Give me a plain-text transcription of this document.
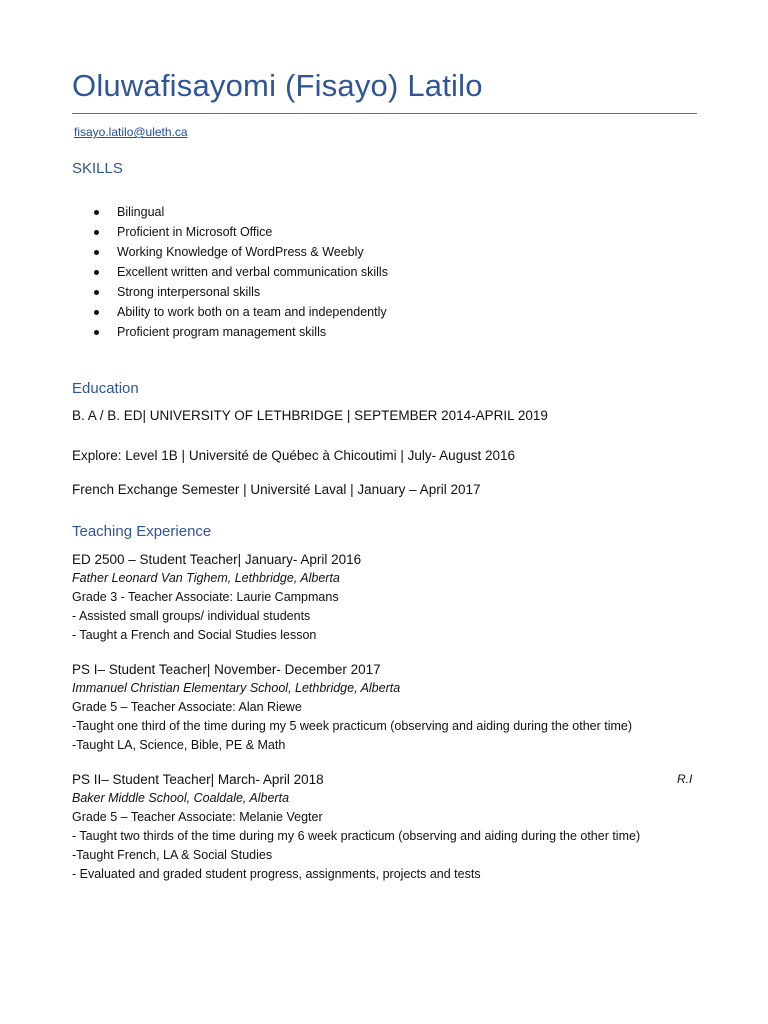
Oluwafisayomi (Fisayo) Latilo
fisayo.latilo@uleth.ca
SKILLS
Bilingual
Proficient in Microsoft Office
Working Knowledge of WordPress & Weebly
Excellent written and verbal communication skills
Strong interpersonal skills
Ability to work both on a team and independently
Proficient program management skills
Education
B. A / B. ED| UNIVERSITY OF LETHBRIDGE | SEPTEMBER 2014-APRIL 2019
Explore: Level 1B | Université de Québec à Chicoutimi | July- August 2016
French Exchange Semester | Université Laval | January – April 2017
Teaching Experience
ED 2500 – Student Teacher| January- April 2016
Father Leonard Van Tighem, Lethbridge, Alberta
Grade 3 - Teacher Associate: Laurie Campmans
- Assisted small groups/ individual students
- Taught a French and Social Studies lesson
PS I– Student Teacher| November- December 2017
Immanuel Christian Elementary School, Lethbridge, Alberta
Grade 5 – Teacher Associate: Alan Riewe
-Taught one third of the time during my 5 week practicum (observing and aiding during the other time)
-Taught LA, Science, Bible, PE & Math
PS II– Student Teacher| March- April 2018
Baker Middle School, Coaldale, Alberta
Grade 5 – Teacher Associate: Melanie Vegter
- Taught two thirds of the time during my 6 week practicum (observing and aiding during the other time)
-Taught French, LA & Social Studies
- Evaluated and graded student progress, assignments, projects and tests
R.I
